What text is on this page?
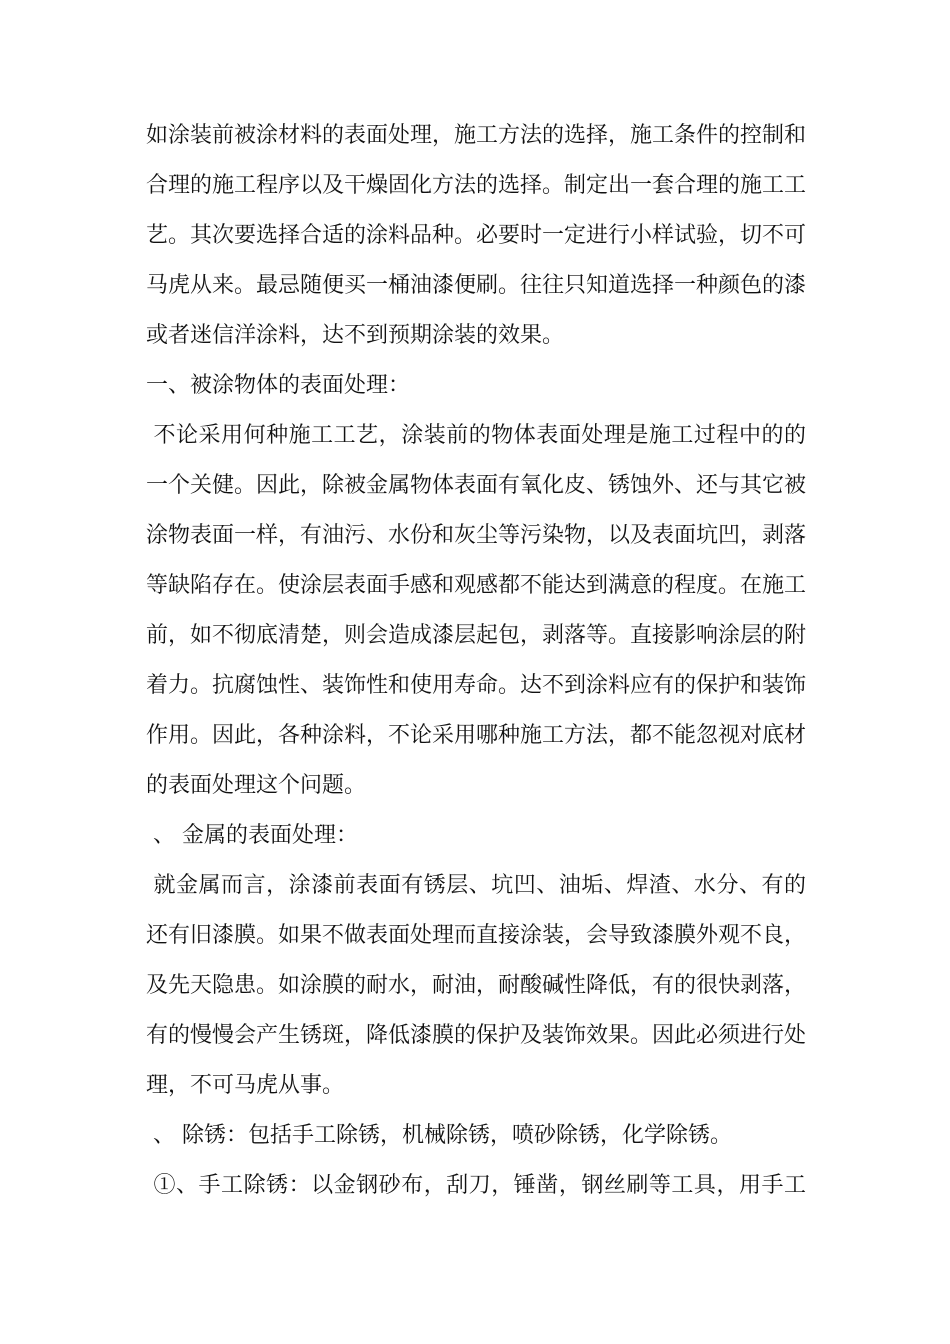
如涂装前被涂材料的表面处理，施工方法的选择，施工条件的控制和
合理的施工程序以及干燥固化方法的选择。制定出一套合理的施工工
艺。其次要选择合适的涂料品种。必要时一定进行小样试验，切不可
马虎从来。最忌随便买一桶油漆便刷。往往只知道选择一种颜色的漆
或者迷信洋涂料，达不到预期涂装的效果。
一、被涂物体的表面处理：
不论采用何种施工工艺，涂装前的物体表面处理是施工过程中的的
一个关健。因此，除被金属物体表面有氧化皮、锈蚀外、还与其它被
涂物表面一样，有油污、水份和灰尘等污染物，以及表面坑凹，剥落
等缺陷存在。使涂层表面手感和观感都不能达到满意的程度。在施工
前，如不彻底清楚，则会造成漆层起包，剥落等。直接影响涂层的附
着力。抗腐蚀性、装饰性和使用寿命。达不到涂料应有的保护和装饰
作用。因此，各种涂料，不论采用哪种施工方法，都不能忽视对底材
的表面处理这个问题。
、 金属的表面处理：
就金属而言，涂漆前表面有锈层、坑凹、油垢、焊渣、水分、有的
还有旧漆膜。如果不做表面处理而直接涂装，会导致漆膜外观不良，
及先天隐患。如涂膜的耐水，耐油，耐酸碱性降低，有的很快剥落，
有的慢慢会产生锈斑，降低漆膜的保护及装饰效果。因此必须进行处
理，不可马虎从事。
、 除锈：包括手工除锈，机械除锈，喷砂除锈，化学除锈。
①、手工除锈：以金钢砂布，刮刀，锤凿，钢丝刷等工具，用手工
